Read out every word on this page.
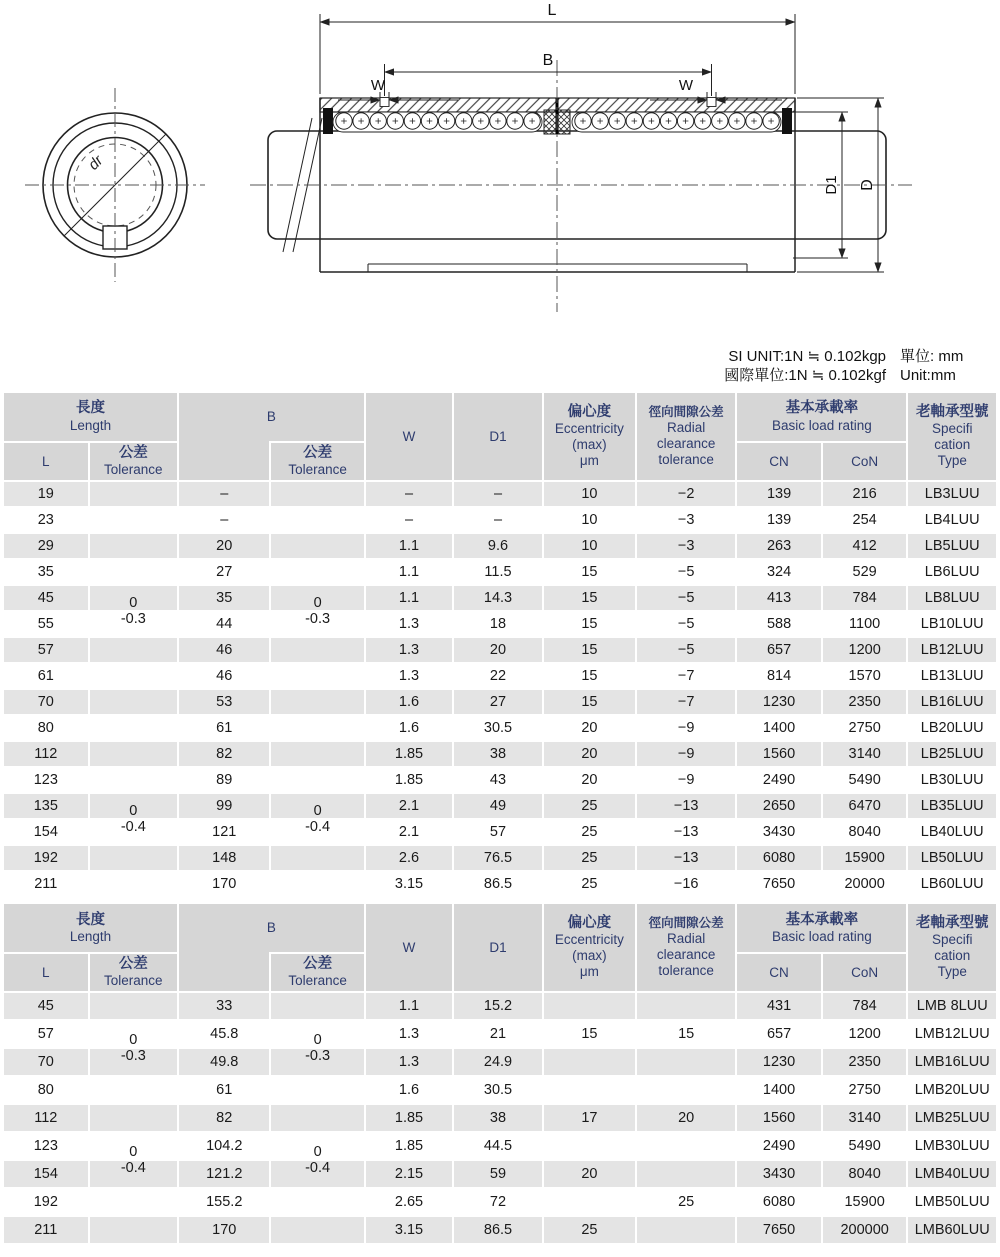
dr
L
B
W	W
D1 D
SI UNIT:1N ≒ 0.102kgp 單位: mm
國際單位:1N ≒ 0.102kgf Unit:mm
長度
Length		B		W	D1	偏心度
Eccentricity
(max)
μm	徑向間隙公差
Radial
clearance
tolerance	基本承載率
Basic load rating		老軸承型號
Specifi
cation
Type

L	公差
Tolerance		公差
Tolerance					CN	CoN	

19		–		–	–	10	−2	139	216	LB3LUU
23		–		–	–	10	−3	139	254	LB4LUU
29		20		1.1	9.6	10	−3	263	412	LB5LUU
35		27		1.1	11.5	15	−5	324	529	LB6LUU
45	0	35	0	1.1	14.3	15	−5	413	784	LB8LUU
55	-0.3	44	-0.3	1.3	18	15	−5	588	1100	LB10LUU
57		46		1.3	20	15	−5	657	1200	LB12LUU
61		46		1.3	22	15	−7	814	1570	LB13LUU
70		53		1.6	27	15	−7	1230	2350	LB16LUU
80		61		1.6	30.5	20	−9	1400	2750	LB20LUU
112		82		1.85	38	20	−9	1560	3140	LB25LUU
123		89		1.85	43	20	−9	2490	5490	LB30LUU
135	0	99	0	2.1	49	25	−13	2650	6470	LB35LUU
154	-0.4	121	-0.4	2.1	57	25	−13	3430	8040	LB40LUU
192		148		2.6	76.5	25	−13	6080	15900	LB50LUU
211		170		3.15	86.5	25	−16	7650	20000	LB60LUU
長度
Length		B		W	D1	偏心度
Eccentricity
(max)
μm	徑向間隙公差
Radial
clearance
tolerance	基本承載率
Basic load rating		老軸承型號
Specifi
cation
Type

L	公差
Tolerance		公差
Tolerance					CN	CoN	

45		33		1.1	15.2			431	784	LMB 8LUU
57	0	45.8	0	1.3	21	15	15	657	1200	LMB12LUU
70	-0.3	49.8	-0.3	1.3	24.9			1230	2350	LMB16LUU
80		61		1.6	30.5			1400	2750	LMB20LUU
112		82		1.85	38	17	20	1560	3140	LMB25LUU
123	0	104.2	0	1.85	44.5			2490	5490	LMB30LUU
154	-0.4	121.2	-0.4	2.15	59	20		3430	8040	LMB40LUU
192		155.2		2.65	72		25	6080	15900	LMB50LUU
211		170		3.15	86.5	25		7650	200000	LMB60LUU
